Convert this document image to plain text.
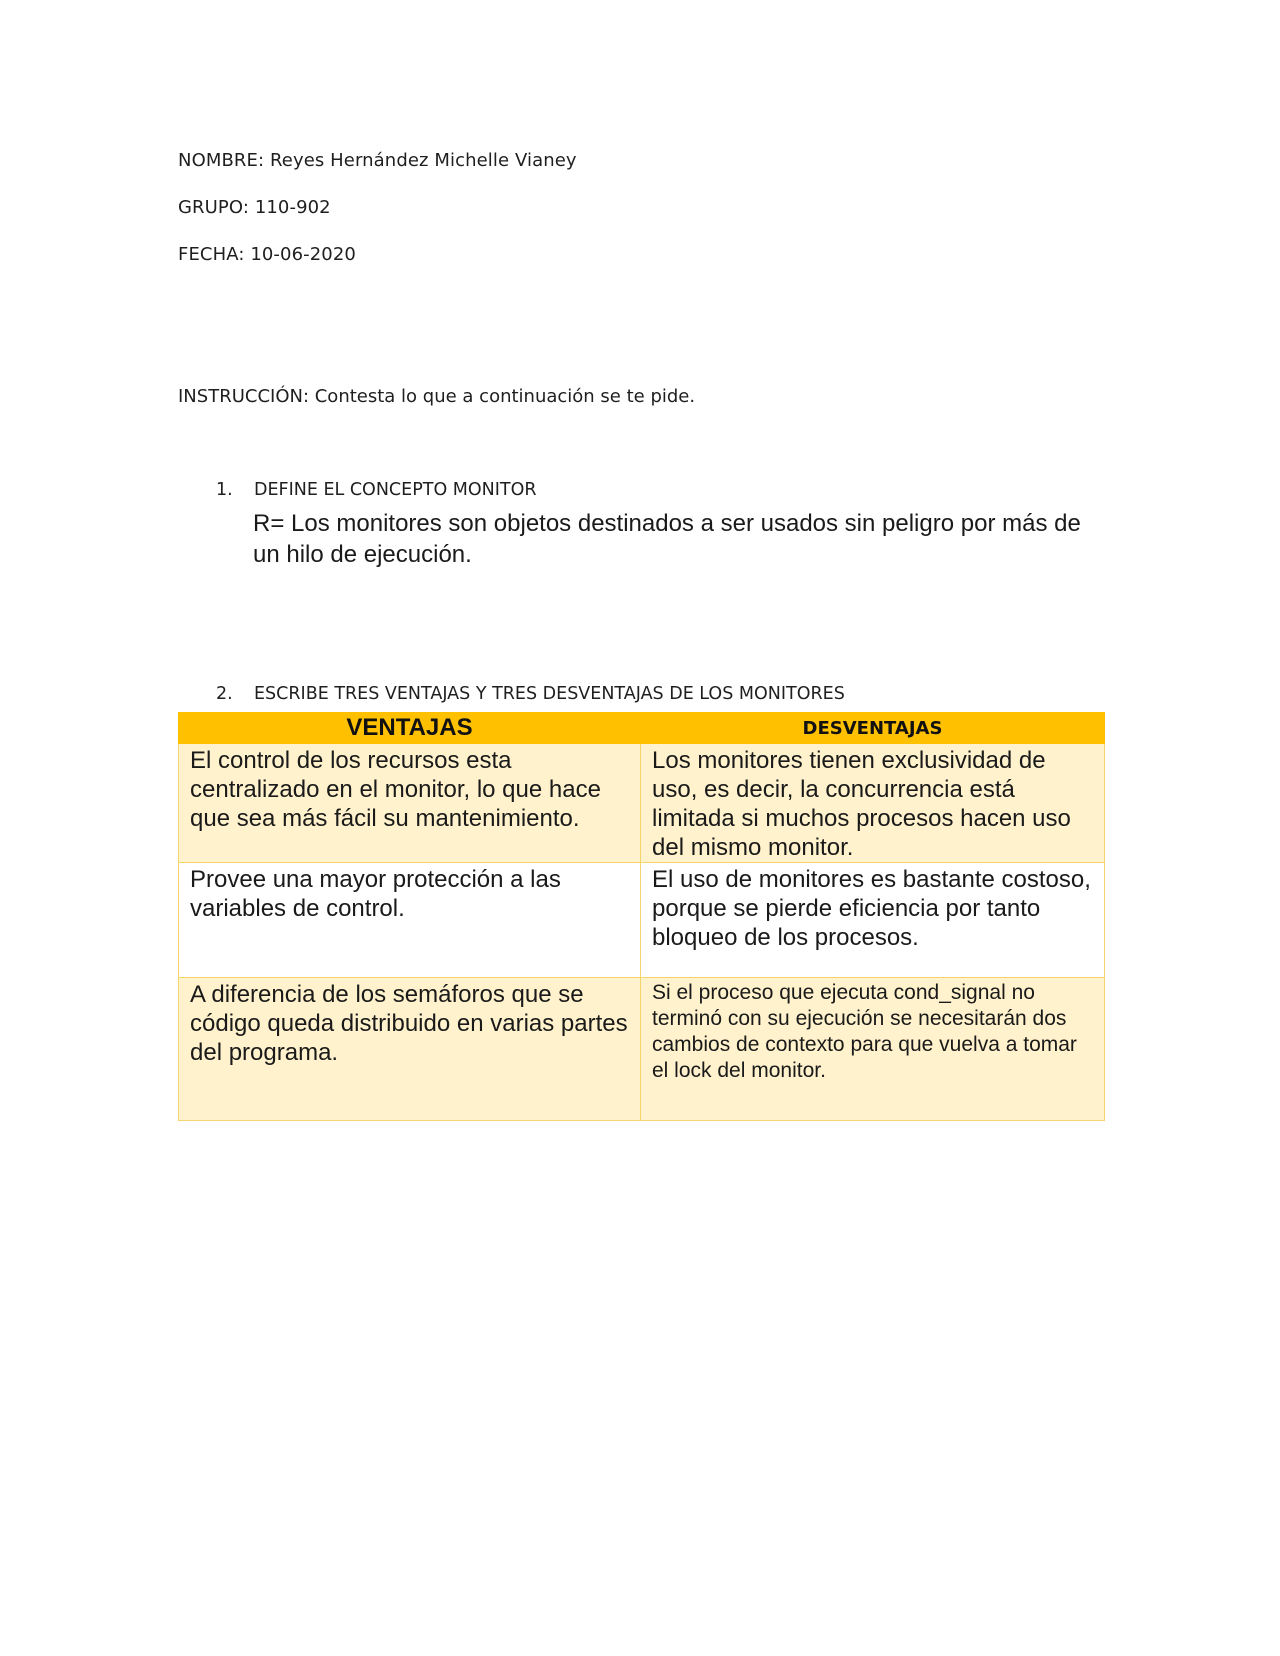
NOMBRE: Reyes Hernández Michelle Vianey
GRUPO: 110-902
FECHA: 10-06-2020
INSTRUCCIÓN: Contesta lo que a continuación se te pide.
1. DEFINE EL CONCEPTO MONITOR
R= Los monitores son objetos destinados a ser usados sin peligro por más de un hilo de ejecución.
2. ESCRIBE TRES VENTAJAS Y TRES DESVENTAJAS DE LOS MONITORES
VENTAJAS	DESVENTAJAS
El control de los recursos esta centralizado en el monitor, lo que hace que sea más fácil su mantenimiento.	Los monitores tienen exclusividad de uso, es decir, la concurrencia está limitada si muchos procesos hacen uso del mismo monitor.
Provee una mayor protección a las variables de control.	El uso de monitores es bastante costoso, porque se pierde eficiencia por tanto bloqueo de los procesos.
A diferencia de los semáforos que se código queda distribuido en varias partes del programa.	Si el proceso que ejecuta cond_signal no terminó con su ejecución se necesitarán dos cambios de contexto para que vuelva a tomar el lock del monitor.
